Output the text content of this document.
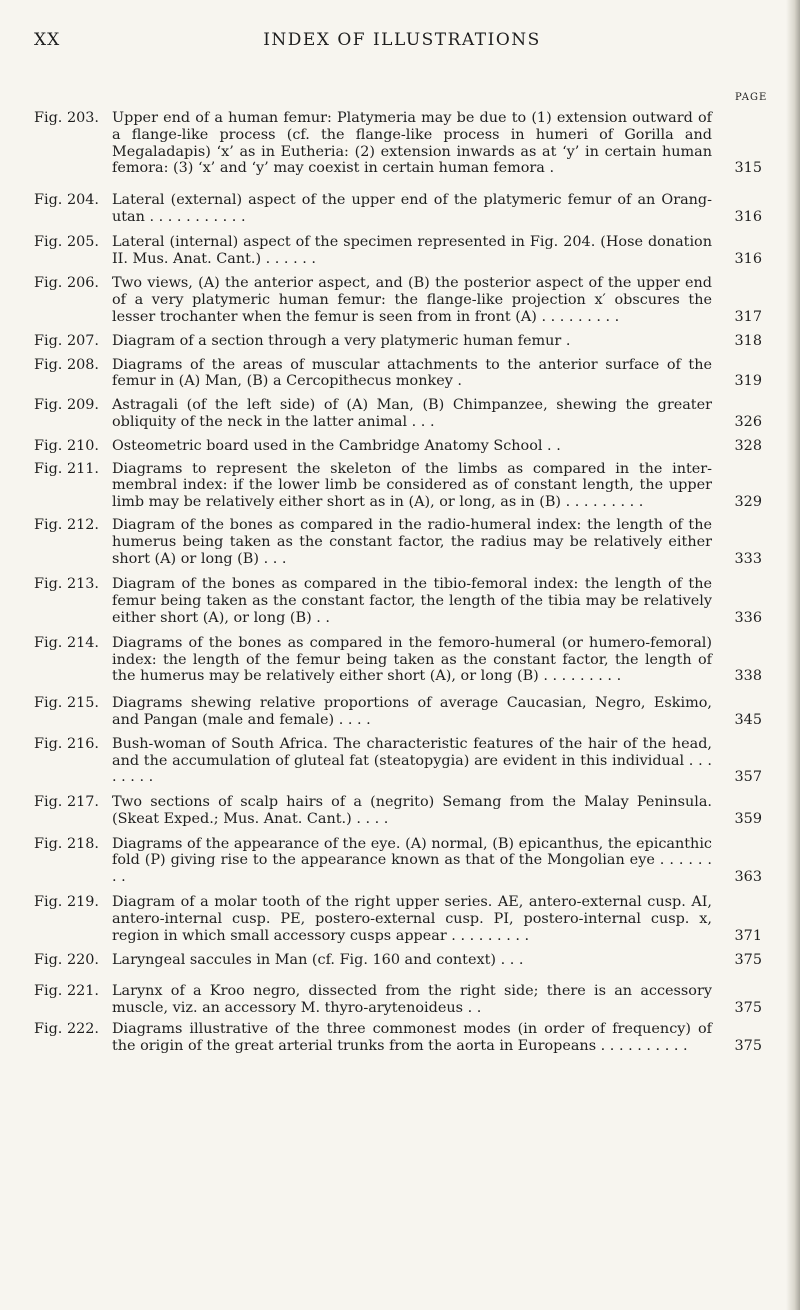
XX	INDEX OF ILLUSTRATIONS
PAGE
Fig. 203. Upper end of a human femur: Platymeria may be due to (1) extension outward of a flange-like process (cf. the flange-like process in humeri of Gorilla and Megaladapis) ‘x’ as in Eutheria: (2) extension inwards as at ‘y’ in certain human femora: (3) ‘x’ and ‘y’ may coexist in certain human femora .	315
Fig. 204. Lateral (external) aspect of the upper end of the platymeric femur of an Orang-utan . . . . . . . . . . .	316
Fig. 205. Lateral (internal) aspect of the specimen represented in Fig. 204. (Hose donation II. Mus. Anat. Cant.) . . . . . .	316
Fig. 206. Two views, (A) the anterior aspect, and (B) the posterior aspect of the upper end of a very platymeric human femur: the flange-like projection x′ obscures the lesser trochanter when the femur is seen from in front (A) . . . . . . . . .	317
Fig. 207. Diagram of a section through a very platymeric human femur .	318
Fig. 208. Diagrams of the areas of muscular attachments to the anterior surface of the femur in (A) Man, (B) a Cercopithecus monkey .	319
Fig. 209. Astragali (of the left side) of (A) Man, (B) Chimpanzee, shewing the greater obliquity of the neck in the latter animal . . .	326
Fig. 210. Osteometric board used in the Cambridge Anatomy School . .	328
Fig. 211. Diagrams to represent the skeleton of the limbs as compared in the inter-membral index: if the lower limb be considered as of constant length, the upper limb may be relatively either short as in (A), or long, as in (B) . . . . . . . . .	329
Fig. 212. Diagram of the bones as compared in the radio-humeral index: the length of the humerus being taken as the constant factor, the radius may be relatively either short (A) or long (B) . . .	333
Fig. 213. Diagram of the bones as compared in the tibio-femoral index: the length of the femur being taken as the constant factor, the length of the tibia may be relatively either short (A), or long (B) . .	336
Fig. 214. Diagrams of the bones as compared in the femoro-humeral (or humero-femoral) index: the length of the femur being taken as the constant factor, the length of the humerus may be relatively either short (A), or long (B) . . . . . . . . .	338
Fig. 215. Diagrams shewing relative proportions of average Caucasian, Negro, Eskimo, and Pangan (male and female) . . . .	345
Fig. 216. Bush-woman of South Africa. The characteristic features of the hair of the head, and the accumulation of gluteal fat (steatopygia) are evident in this individual . . . . . . . .	357
Fig. 217. Two sections of scalp hairs of a (negrito) Semang from the Malay Peninsula. (Skeat Exped.; Mus. Anat. Cant.) . . . .	359
Fig. 218. Diagrams of the appearance of the eye. (A) normal, (B) epicanthus, the epicanthic fold (P) giving rise to the appearance known as that of the Mongolian eye . . . . . . . .	363
Fig. 219. Diagram of a molar tooth of the right upper series. AE, antero-external cusp. AI, antero-internal cusp. PE, postero-external cusp. PI, postero-internal cusp. x, region in which small accessory cusps appear . . . . . . . . .	371
Fig. 220. Laryngeal saccules in Man (cf. Fig. 160 and context) . . .	375
Fig. 221. Larynx of a Kroo negro, dissected from the right side; there is an accessory muscle, viz. an accessory M. thyro-arytenoideus . .	375
Fig. 222. Diagrams illustrative of the three commonest modes (in order of frequency) of the origin of the great arterial trunks from the aorta in Europeans . . . . . . . . . .	375
